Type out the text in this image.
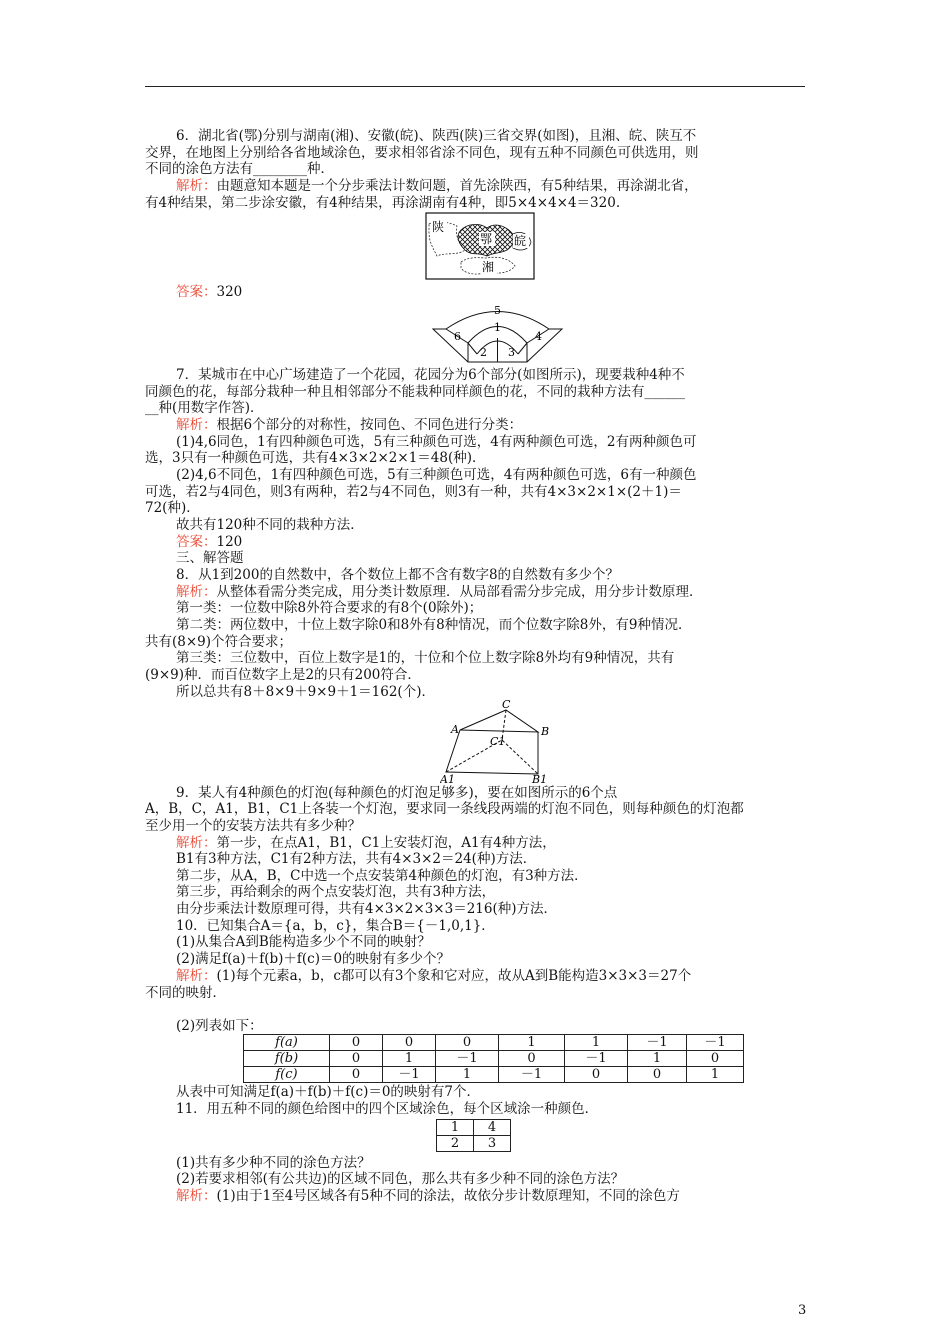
6．湖北省(鄂)分别与湖南(湘)、安徽(皖)、陕西(陕)三省交界(如图)，且湘、皖、陕互不
交界，在地图上分别给各省地域涂色，要求相邻省涂不同色，现有五种不同颜色可供选用，则
不同的涂色方法有________种．
解析：由题意知本题是一个分步乘法计数问题，首先涂陕西，有5种结果，再涂湖北省，
有4种结果，第二步涂安徽，有4种结果，再涂湖南有4种，即5×4×4×4＝320.
陕
鄂 皖
湘
答案：320
5
1
6	4
2 3
7．某城市在中心广场建造了一个花园，花园分为6个部分(如图所示)，现要栽种4种不
同颜色的花，每部分栽种一种且相邻部分不能栽种同样颜色的花，不同的栽种方法有______
__种(用数字作答)．
解析：根据6个部分的对称性，按同色、不同色进行分类：
(1)4,6同色，1有四种颜色可选，5有三种颜色可选，4有两种颜色可选，2有两种颜色可
选，3只有一种颜色可选，共有4×3×2×2×1＝48(种)．
(2)4,6不同色，1有四种颜色可选，5有三种颜色可选，4有两种颜色可选，6有一种颜色
可选，若2与4同色，则3有两种，若2与4不同色，则3有一种，共有4×3×2×1×(2＋1)＝
72(种)．
故共有120种不同的栽种方法．
答案：120
三、解答题
8．从1到200的自然数中，各个数位上都不含有数字8的自然数有多少个？
解析：从整体看需分类完成，用分类计数原理．从局部看需分步完成，用分步计数原理．
第一类：一位数中除8外符合要求的有8个(0除外)；
第二类：两位数中，十位上数字除0和8外有8种情况，而个位数字除8外，有9种情况．
共有(8×9)个符合要求；
第三类：三位数中，百位上数字是1的，十位和个位上数字除8外均有9种情况，共有
(9×9)种．而百位数字上是2的只有200符合．
所以总共有8＋8×9＋9×9＋1＝162(个)．
C
A	B
C1
A1	B1
9．某人有4种颜色的灯泡(每种颜色的灯泡足够多)，要在如图所示的6个点
A，B，C，A1，B1，C1上各装一个灯泡，要求同一条线段两端的灯泡不同色，则每种颜色的灯泡都
至少用一个的安装方法共有多少种？
解析：第一步，在点A1，B1，C1上安装灯泡，A1有4种方法，
B1有3种方法，C1有2种方法，共有4×3×2＝24(种)方法．
第二步，从A，B，C中选一个点安装第4种颜色的灯泡，有3种方法．
第三步，再给剩余的两个点安装灯泡，共有3种方法，
由分步乘法计数原理可得，共有4×3×2×3×3＝216(种)方法．
10．已知集合A＝{a，b，c}，集合B＝{－1,0,1}．
(1)从集合A到B能构造多少个不同的映射？
(2)满足f(a)＋f(b)＋f(c)＝0的映射有多少个？
解析：(1)每个元素a，b，c都可以有3个象和它对应，故从A到B能构造3×3×3＝27个
不同的映射．
(2)列表如下：
f(a)	0	0	0	1	1	－1	－1
f(b)	0	1	－1	0	－1	1	0
f(c)	0	－1	1	－1	0	0	1
从表中可知满足f(a)＋f(b)＋f(c)＝0的映射有7个．
11．用五种不同的颜色给图中的四个区域涂色，每个区域涂一种颜色．
1	4
2	3
(1)共有多少种不同的涂色方法？
(2)若要求相邻(有公共边)的区域不同色，那么共有多少种不同的涂色方法？
解析：(1)由于1至4号区域各有5种不同的涂法，故依分步计数原理知，不同的涂色方
3
